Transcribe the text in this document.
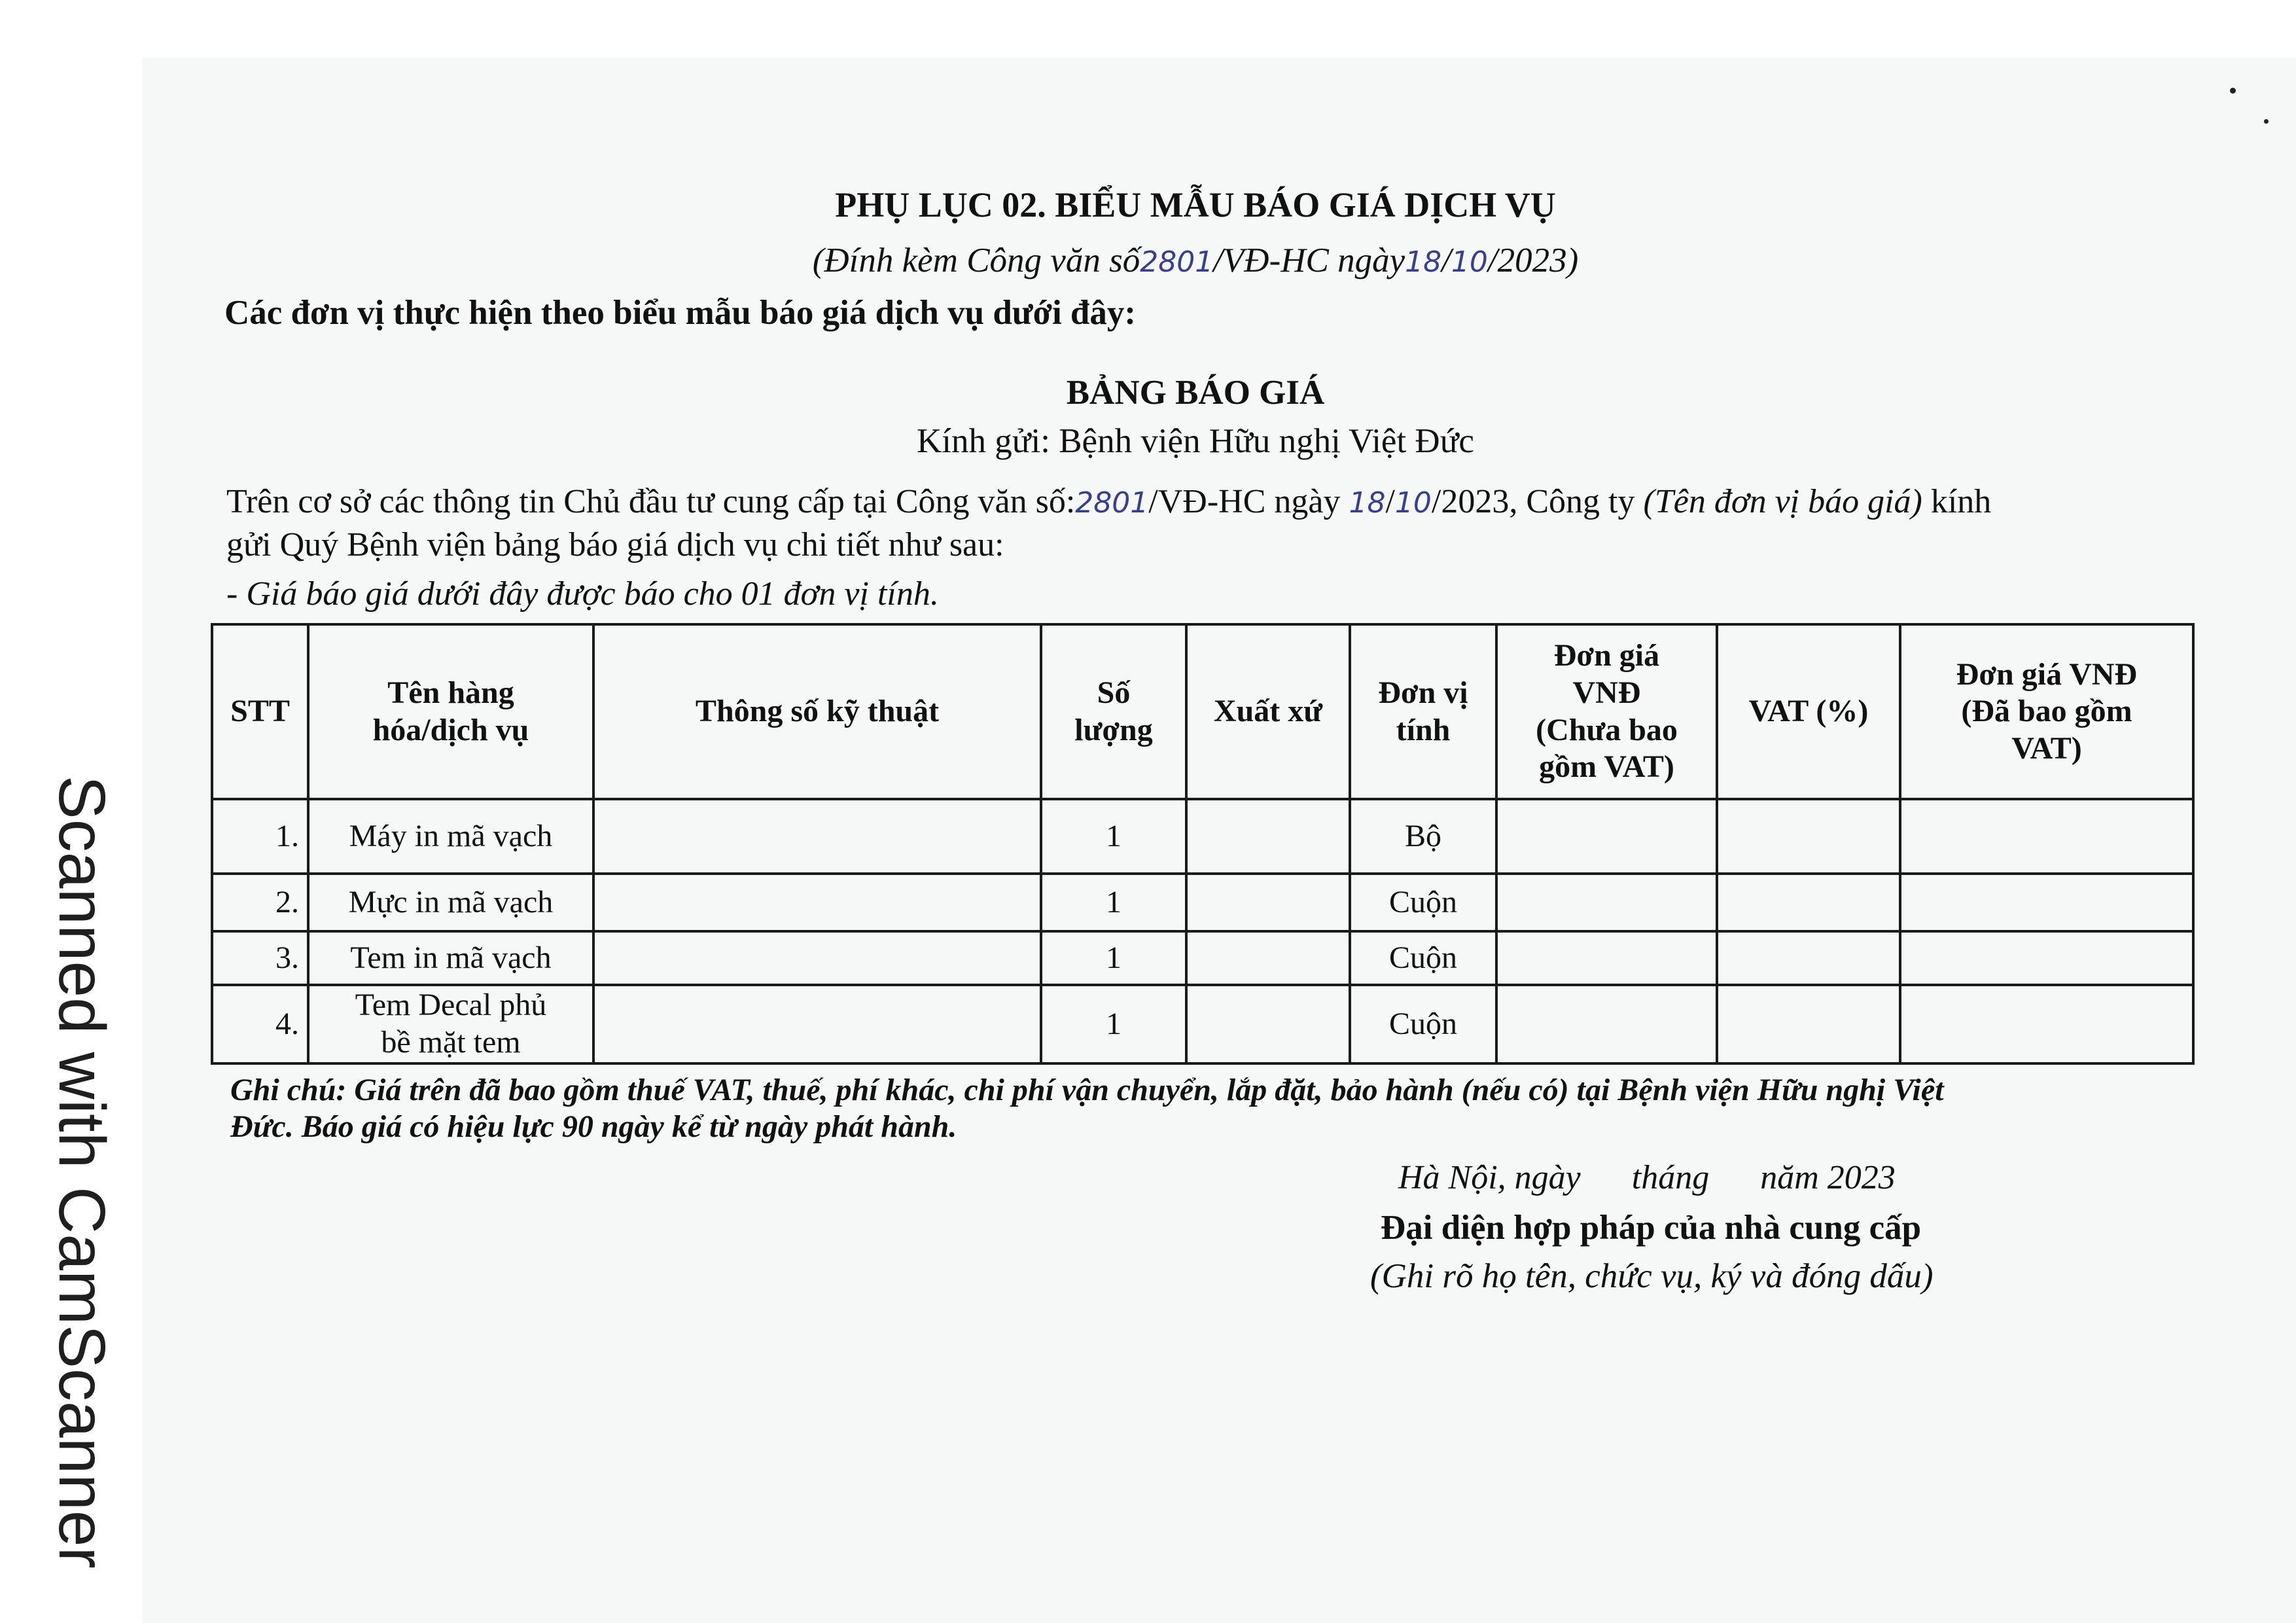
Scanned with CamScanner
PHỤ LỤC 02. BIỂU MẪU BÁO GIÁ DỊCH VỤ
(Đính kèm Công văn số2801/VĐ-HC ngày18/10/2023)
Các đơn vị thực hiện theo biểu mẫu báo giá dịch vụ dưới đây:
BẢNG BÁO GIÁ
Kính gửi: Bệnh viện Hữu nghị Việt Đức
Trên cơ sở các thông tin Chủ đầu tư cung cấp tại Công văn số:2801/VĐ-HC ngày 18/10/2023, Công ty (Tên đơn vị báo giá) kính
gửi Quý Bệnh viện bảng báo giá dịch vụ chi tiết như sau:
- Giá báo giá dưới đây được báo cho 01 đơn vị tính.
STT	Tên hàng
hóa/dịch vụ	Thông số kỹ thuật	Số
lượng	Xuất xứ	Đơn vị
tính	Đơn giá
VNĐ
(Chưa bao
gồm VAT)	VAT (%)	Đơn giá VNĐ
(Đã bao gồm
VAT)
1.	Máy in mã vạch		1		Bộ			
2.	Mực in mã vạch		1		Cuộn			
3.	Tem in mã vạch		1		Cuộn			
4.	Tem Decal phủ
bề mặt tem		1		Cuộn			
Ghi chú: Giá trên đã bao gồm thuế VAT, thuế, phí khác, chi phí vận chuyển, lắp đặt, bảo hành (nếu có) tại Bệnh viện Hữu nghị Việt
Đức. Báo giá có hiệu lực 90 ngày kể từ ngày phát hành.
Hà Nội, ngày      tháng      năm 2023
Đại diện hợp pháp của nhà cung cấp
(Ghi rõ họ tên, chức vụ, ký và đóng dấu)
